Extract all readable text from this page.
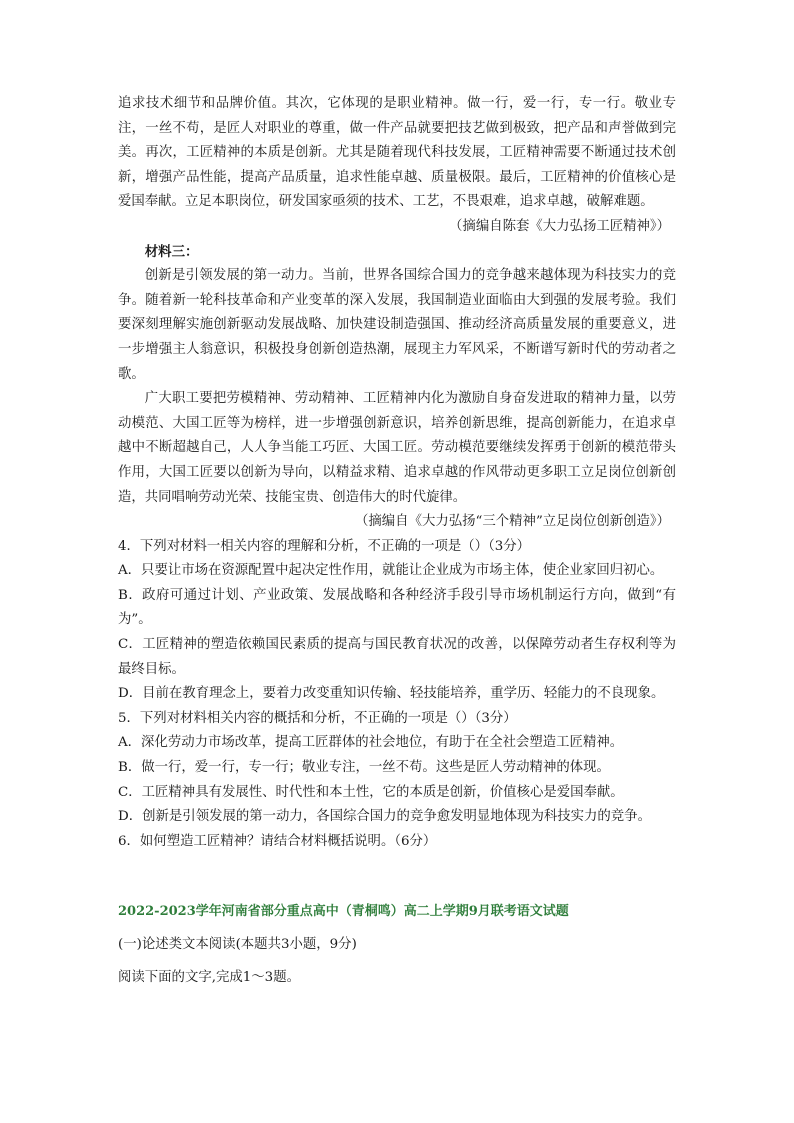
追求技术细节和品牌价值。其次，它体现的是职业精神。做一行，爱一行，专一行。敬业专注，一丝不苟，是匠人对职业的尊重，做一件产品就要把技艺做到极致，把产品和声誉做到完美。再次，工匠精神的本质是创新。尤其是随着现代科技发展，工匠精神需要不断通过技术创新，增强产品性能，提高产品质量，追求性能卓越、质量极限。最后，工匠精神的价值核心是爱国奉献。立足本职岗位，研发国家亟须的技术、工艺，不畏艰难，追求卓越，破解难题。

（摘编自陈套《大力弘扬工匠精神》）

材料三：

创新是引领发展的第一动力。当前，世界各国综合国力的竞争越来越体现为科技实力的竞争。随着新一轮科技革命和产业变革的深入发展，我国制造业面临由大到强的发展考验。我们要深刻理解实施创新驱动发展战略、加快建设制造强国、推动经济高质量发展的重要意义，进一步增强主人翁意识，积极投身创新创造热潮，展现主力军风采，不断谱写新时代的劳动者之歌。

广大职工要把劳模精神、劳动精神、工匠精神内化为激励自身奋发进取的精神力量，以劳动模范、大国工匠等为榜样，进一步增强创新意识，培养创新思维，提高创新能力，在追求卓越中不断超越自己，人人争当能工巧匠、大国工匠。劳动模范要继续发挥勇于创新的模范带头作用，大国工匠要以创新为导向，以精益求精、追求卓越的作风带动更多职工立足岗位创新创造，共同唱响劳动光荣、技能宝贵、创造伟大的时代旋律。

（摘编自《大力弘扬“三个精神”立足岗位创新创造》）

4．下列对材料一相关内容的理解和分析，不正确的一项是（）（3分）

A．只要让市场在资源配置中起决定性作用，就能让企业成为市场主体，使企业家回归初心。

B．政府可通过计划、产业政策、发展战略和各种经济手段引导市场机制运行方向，做到“有为”。

C．工匠精神的塑造依赖国民素质的提高与国民教育状况的改善，以保障劳动者生存权利等为最终目标。

D．目前在教育理念上，要着力改变重知识传输、轻技能培养，重学历、轻能力的不良现象。

5．下列对材料相关内容的概括和分析，不正确的一项是（）（3分）

A．深化劳动力市场改革，提高工匠群体的社会地位，有助于在全社会塑造工匠精神。

B．做一行，爱一行，专一行；敬业专注，一丝不苟。这些是匠人劳动精神的体现。

C．工匠精神具有发展性、时代性和本土性，它的本质是创新，价值核心是爱国奉献。

D．创新是引领发展的第一动力，各国综合国力的竞争愈发明显地体现为科技实力的竞争。

6．如何塑造工匠精神？请结合材料概括说明。（6分）

2022-2023学年河南省部分重点高中（青桐鸣）高二上学期9月联考语文试题

(一)论述类文本阅读(本题共3小题，9分)

阅读下面的文字,完成1～3题。
